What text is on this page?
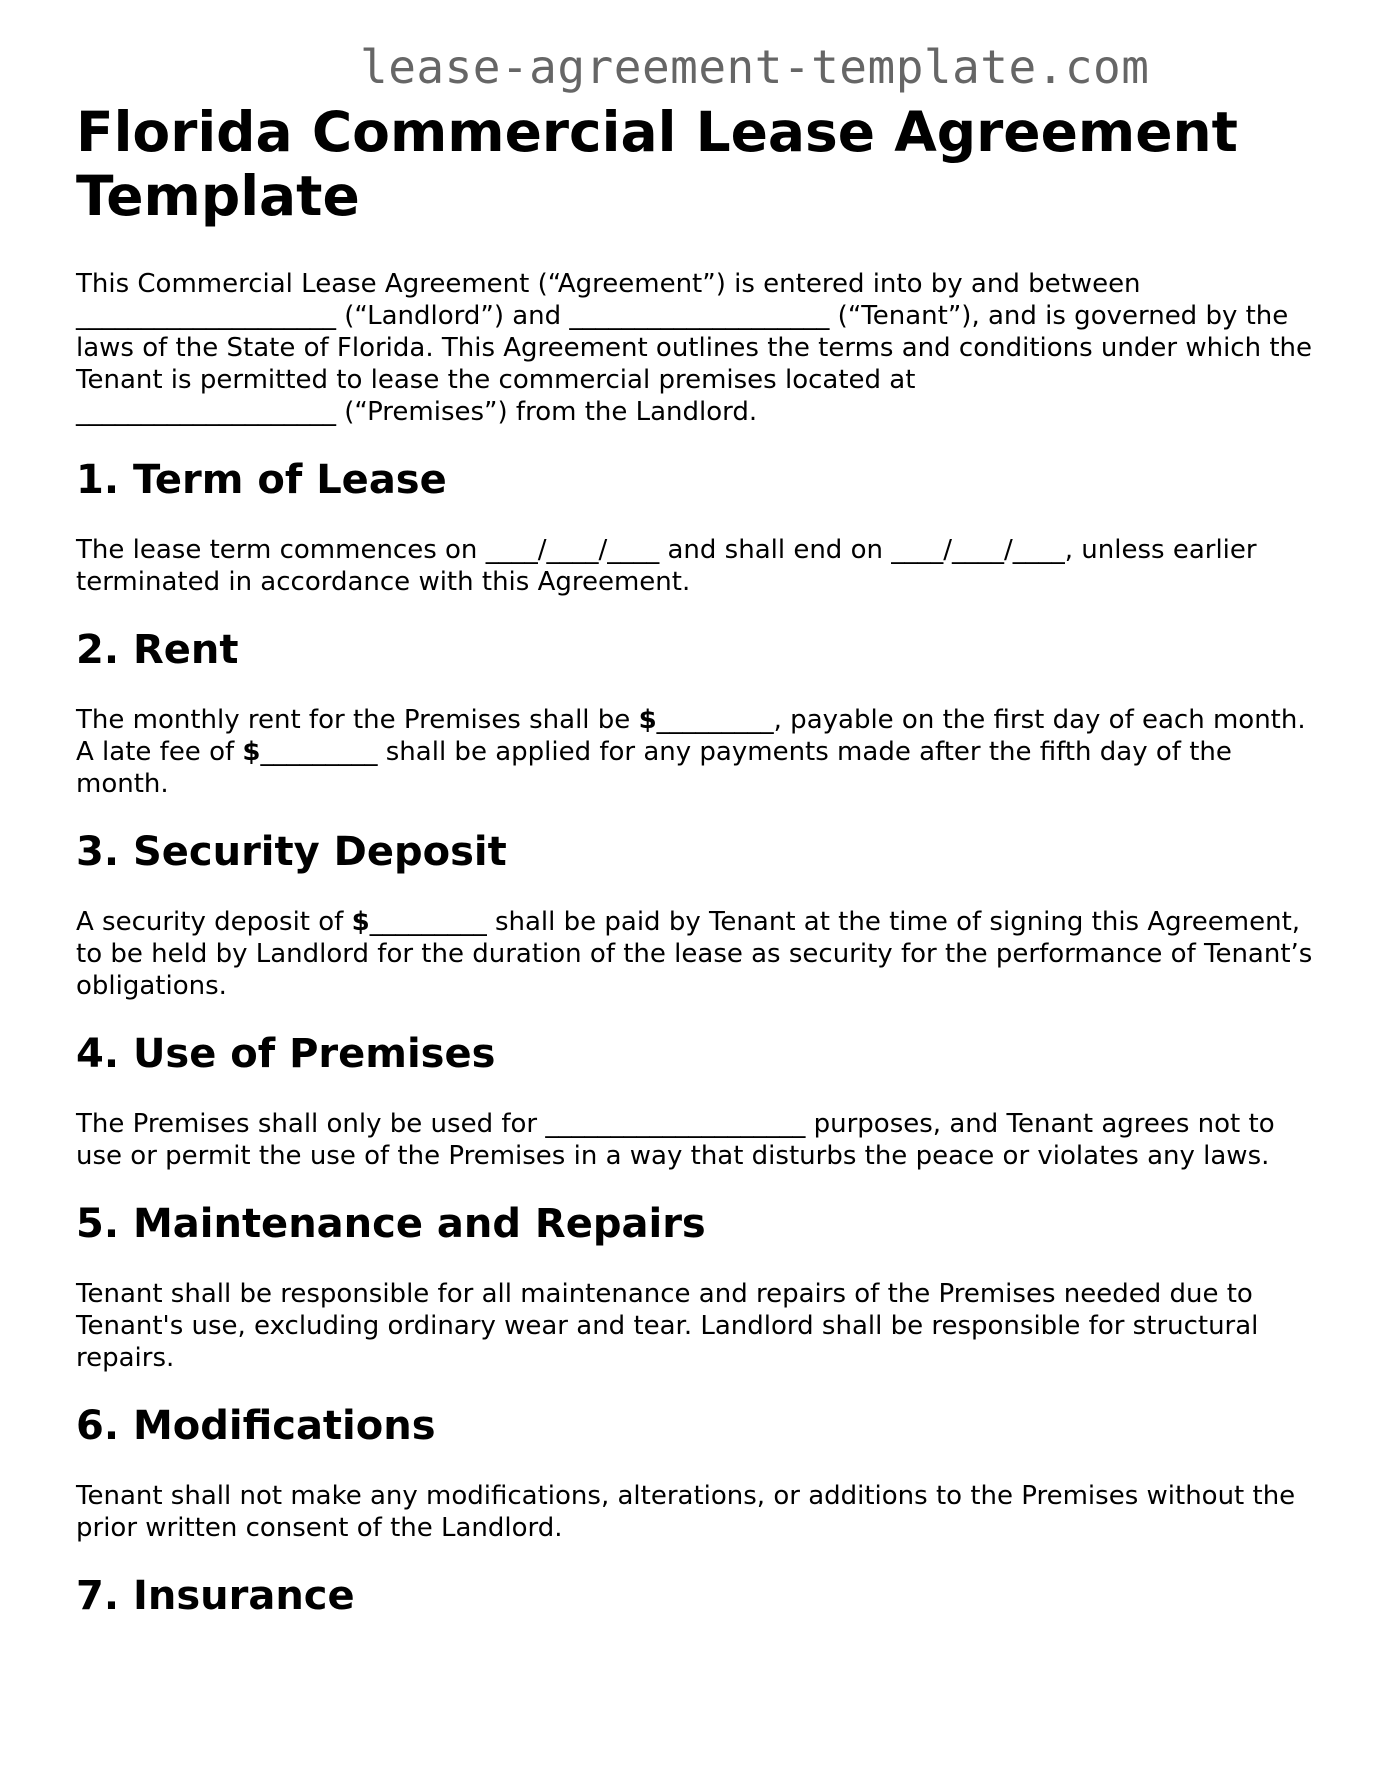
lease-agreement-template.com
Florida Commercial Lease Agreement Template

This Commercial Lease Agreement (“Agreement”) is entered into by and between
____________________ (“Landlord”) and ____________________ (“Tenant”), and is governed by the laws of the State of Florida. This Agreement outlines the terms and conditions under which the Tenant is permitted to lease the commercial premises located at
____________________ (“Premises”) from the Landlord.

1. Term of Lease

The lease term commences on ____/____/____ and shall end on ____/____/____, unless earlier terminated in accordance with this Agreement.

2. Rent

The monthly rent for the Premises shall be $_________, payable on the first day of each month. A late fee of $_________ shall be applied for any payments made after the fifth day of the month.

3. Security Deposit

A security deposit of $_________ shall be paid by Tenant at the time of signing this Agreement, to be held by Landlord for the duration of the lease as security for the performance of Tenant’s obligations.

4. Use of Premises

The Premises shall only be used for ____________________ purposes, and Tenant agrees not to use or permit the use of the Premises in a way that disturbs the peace or violates any laws.

5. Maintenance and Repairs

Tenant shall be responsible for all maintenance and repairs of the Premises needed due to Tenant's use, excluding ordinary wear and tear. Landlord shall be responsible for structural repairs.

6. Modifications

Tenant shall not make any modifications, alterations, or additions to the Premises without the prior written consent of the Landlord.

7. Insurance
